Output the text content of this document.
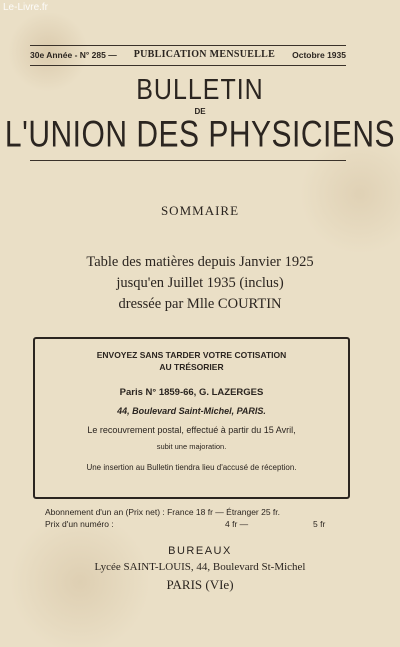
Le-Livre.fr
30e Année - N° 285 — PUBLICATION MENSUELLE Octobre 1935
BULLETIN
DE
L'UNION DES PHYSICIENS
SOMMAIRE
Table des matières depuis Janvier 1925
jusqu'en Juillet 1935 (inclus)
dressée par Mlle COURTIN
ENVOYEZ SANS TARDER VOTRE COTISATION
AU TRÉSORIER
Paris N° 1859-66, G. LAZERGES
44, Boulevard Saint-Michel, PARIS.
Le recouvrement postal, effectué à partir du 15 Avril,
subit une majoration.
Une insertion au Bulletin tiendra lieu d'accusé de réception.
Abonnement d'un an (Prix net) : France 18 fr — Étranger 25 fr.
Prix d'un numéro :	4 fr —	5 fr
BUREAUX
Lycée SAINT-LOUIS, 44, Boulevard St-Michel
PARIS (VIe)
